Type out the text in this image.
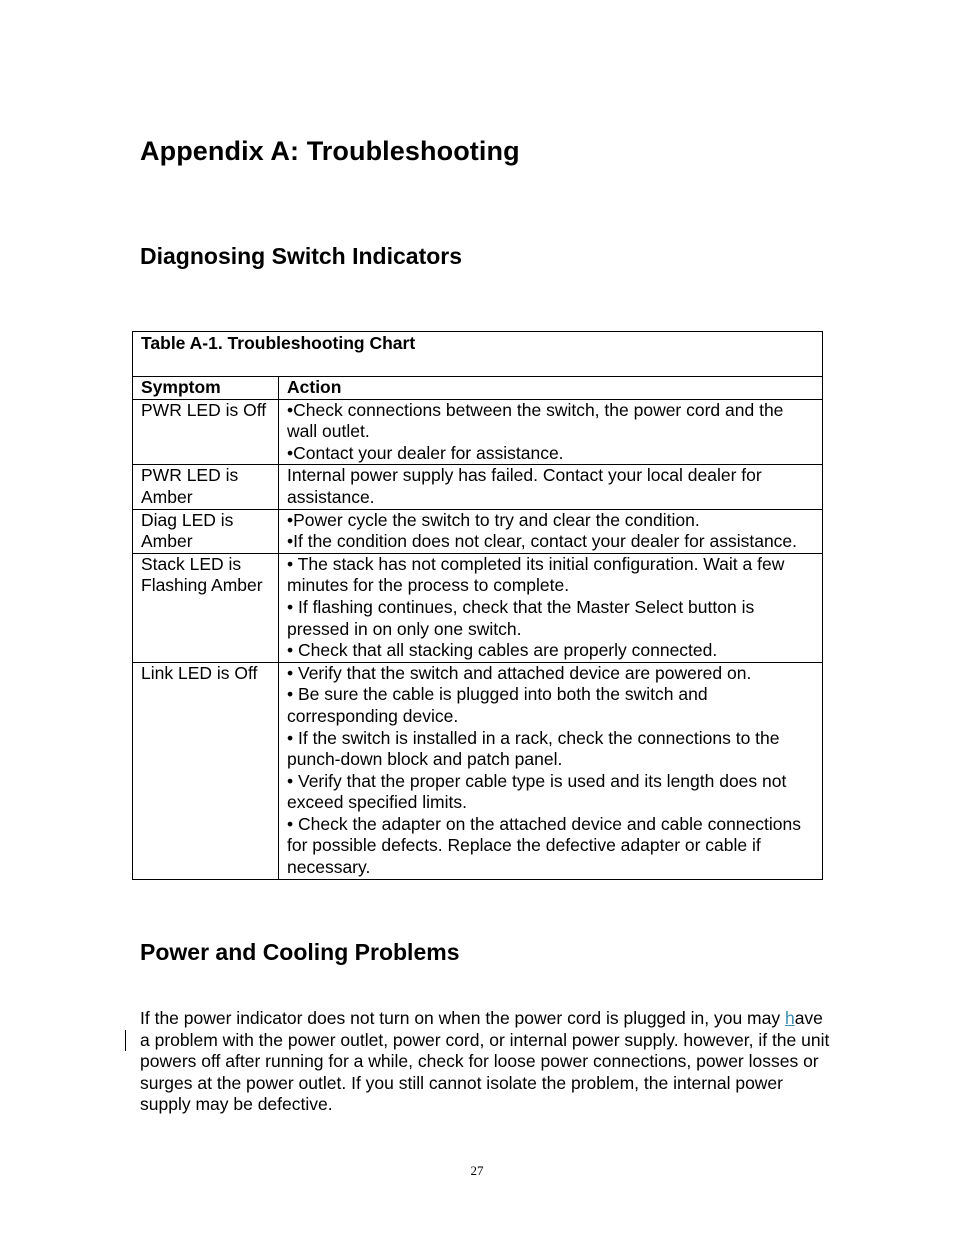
Appendix A: Troubleshooting
Diagnosing Switch Indicators
Table A-1. Troubleshooting Chart	
Symptom	Action

PWR LED is Off	•Check connections between the switch, the power cord and the wall outlet.
•Contact your dealer for assistance.

PWR LED is
Amber	Internal power supply has failed. Contact your local dealer for assistance.

Diag LED is
Amber	•Power cycle the switch to try and clear the condition.
•If the condition does not clear, contact your dealer for assistance.

Stack LED is
Flashing Amber	• The stack has not completed its initial configuration. Wait a few minutes for the process to complete.
• If flashing continues, check that the Master Select button is pressed in on only one switch.
• Check that all stacking cables are properly connected.

Link LED is Off	• Verify that the switch and attached device are powered on.
• Be sure the cable is plugged into both the switch and corresponding device.
• If the switch is installed in a rack, check the connections to the punch-down block and patch panel.
• Verify that the proper cable type is used and its length does not exceed specified limits.
• Check the adapter on the attached device and cable connections for possible defects. Replace the defective adapter or cable if necessary.
Power and Cooling Problems

If the power indicator does not turn on when the power cord is plugged in, you may have a problem with the power outlet, power cord, or internal power supply. however, if the unit powers off after running for a while, check for loose power connections, power losses or surges at the power outlet. If you still cannot isolate the problem, the internal power supply may be defective.

27
